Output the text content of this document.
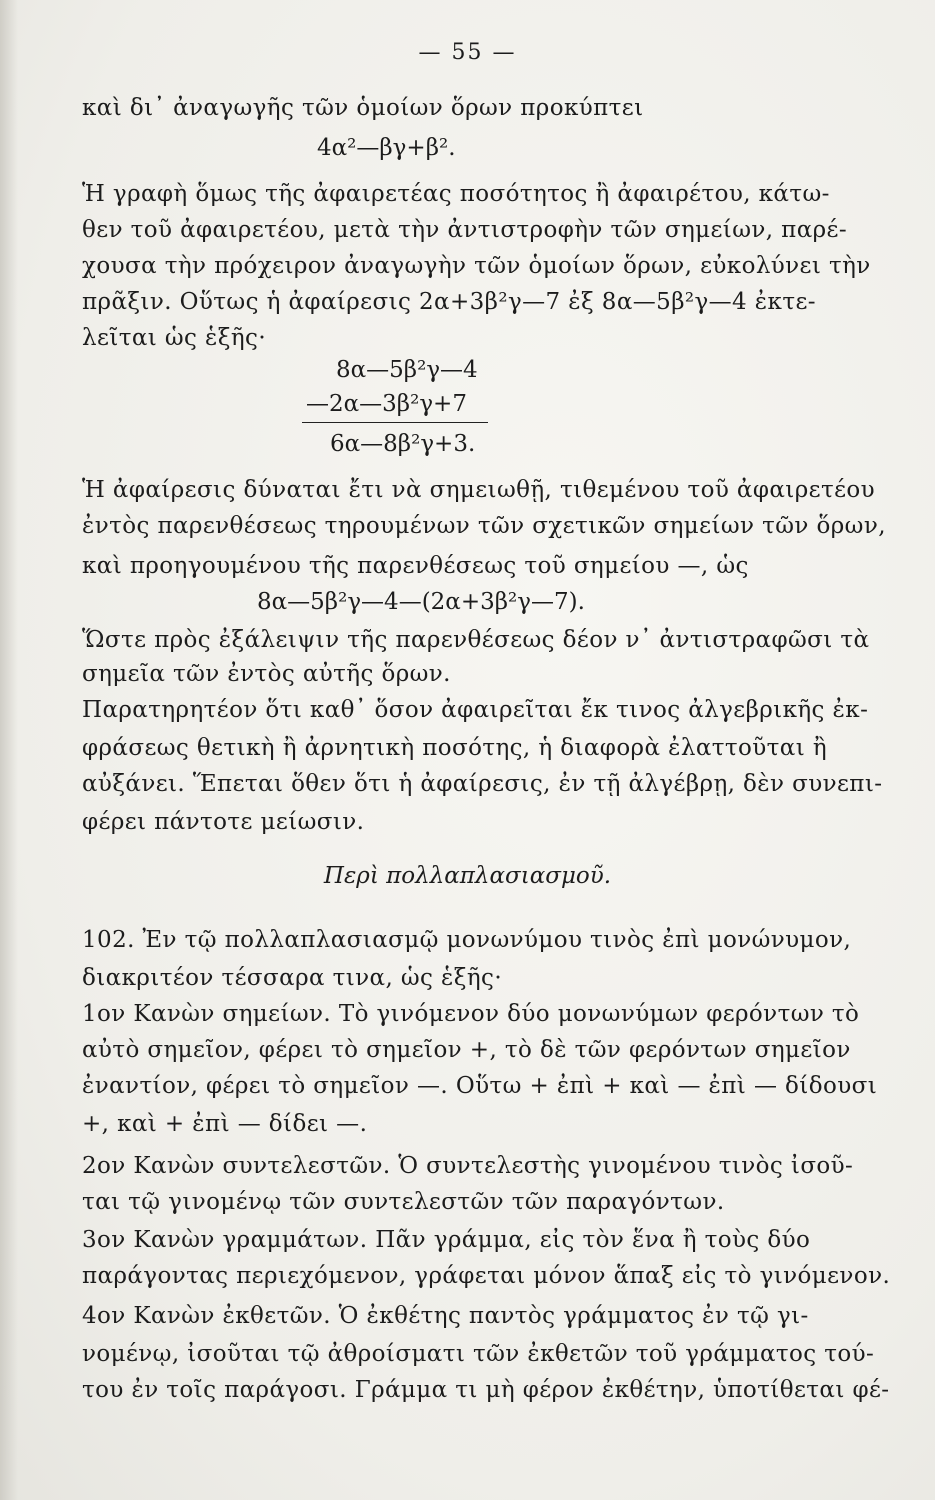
— 55 —
καὶ δι᾽ ἀναγωγῆς τῶν ὁμοίων ὅρων προκύπτει
4α²—βγ+β².
Ἡ γραφὴ ὅμως τῆς ἀφαιρετέας ποσότητος ἢ ἀφαιρέτου, κάτω-
θεν τοῦ ἀφαιρετέου, μετὰ τὴν ἀντιστροφὴν τῶν σημείων, παρέ-
χουσα τὴν πρόχειρον ἀναγωγὴν τῶν ὁμοίων ὅρων, εὐκολύνει τὴν
πρᾶξιν. Οὕτως ἡ ἀφαίρεσις 2α+3β²γ—7 ἐξ 8α—5β²γ—4 ἐκτε-
λεῖται ὡς ἑξῆς·
8α—5β²γ—4
—2α—3β²γ+7
6α—8β²γ+3.
Ἡ ἀφαίρεσις δύναται ἔτι νὰ σημειωθῇ, τιθεμένου τοῦ ἀφαιρετέου
ἐντὸς παρενθέσεως τηρουμένων τῶν σχετικῶν σημείων τῶν ὅρων,
καὶ προηγουμένου τῆς παρενθέσεως τοῦ σημείου —, ὡς
8α—5β²γ—4—(2α+3β²γ—7).
Ὥστε πρὸς ἐξάλειψιν τῆς παρενθέσεως δέον ν᾽ ἀντιστραφῶσι τὰ
σημεῖα τῶν ἐντὸς αὐτῆς ὅρων.
Παρατηρητέον ὅτι καθ᾽ ὅσον ἀφαιρεῖται ἔκ τινος ἀλγεβρικῆς ἐκ-
φράσεως θετικὴ ἢ ἀρνητικὴ ποσότης, ἡ διαφορὰ ἐλαττοῦται ἢ
αὐξάνει. Ἕπεται ὅθεν ὅτι ἡ ἀφαίρεσις, ἐν τῇ ἀλγέβρῃ, δὲν συνεπι-
φέρει πάντοτε μείωσιν.
Περὶ πολλαπλασιασμοῦ.
102. Ἐν τῷ πολλαπλασιασμῷ μονωνύμου τινὸς ἐπὶ μονώνυμον,
διακριτέον τέσσαρα τινα, ὡς ἑξῆς·
1ον Κανὼν σημείων. Τὸ γινόμενον δύο μονωνύμων φερόντων τὸ
αὐτὸ σημεῖον, φέρει τὸ σημεῖον +, τὸ δὲ τῶν φερόντων σημεῖον
ἐναντίον, φέρει τὸ σημεῖον —. Οὕτω + ἐπὶ + καὶ — ἐπὶ — δίδουσι
+, καὶ + ἐπὶ — δίδει —.
2ον Κανὼν συντελεστῶν. Ὁ συντελεστὴς γινομένου τινὸς ἰσοῦ-
ται τῷ γινομένῳ τῶν συντελεστῶν τῶν παραγόντων.
3ον Κανὼν γραμμάτων. Πᾶν γράμμα, εἰς τὸν ἕνα ἢ τοὺς δύο
παράγοντας περιεχόμενον, γράφεται μόνον ἅπαξ εἰς τὸ γινόμενον.
4ον Κανὼν ἐκθετῶν. Ὁ ἐκθέτης παντὸς γράμματος ἐν τῷ γι-
νομένῳ, ἰσοῦται τῷ ἀθροίσματι τῶν ἐκθετῶν τοῦ γράμματος τού-
του ἐν τοῖς παράγοσι. Γράμμα τι μὴ φέρον ἐκθέτην, ὑποτίθεται φέ-
